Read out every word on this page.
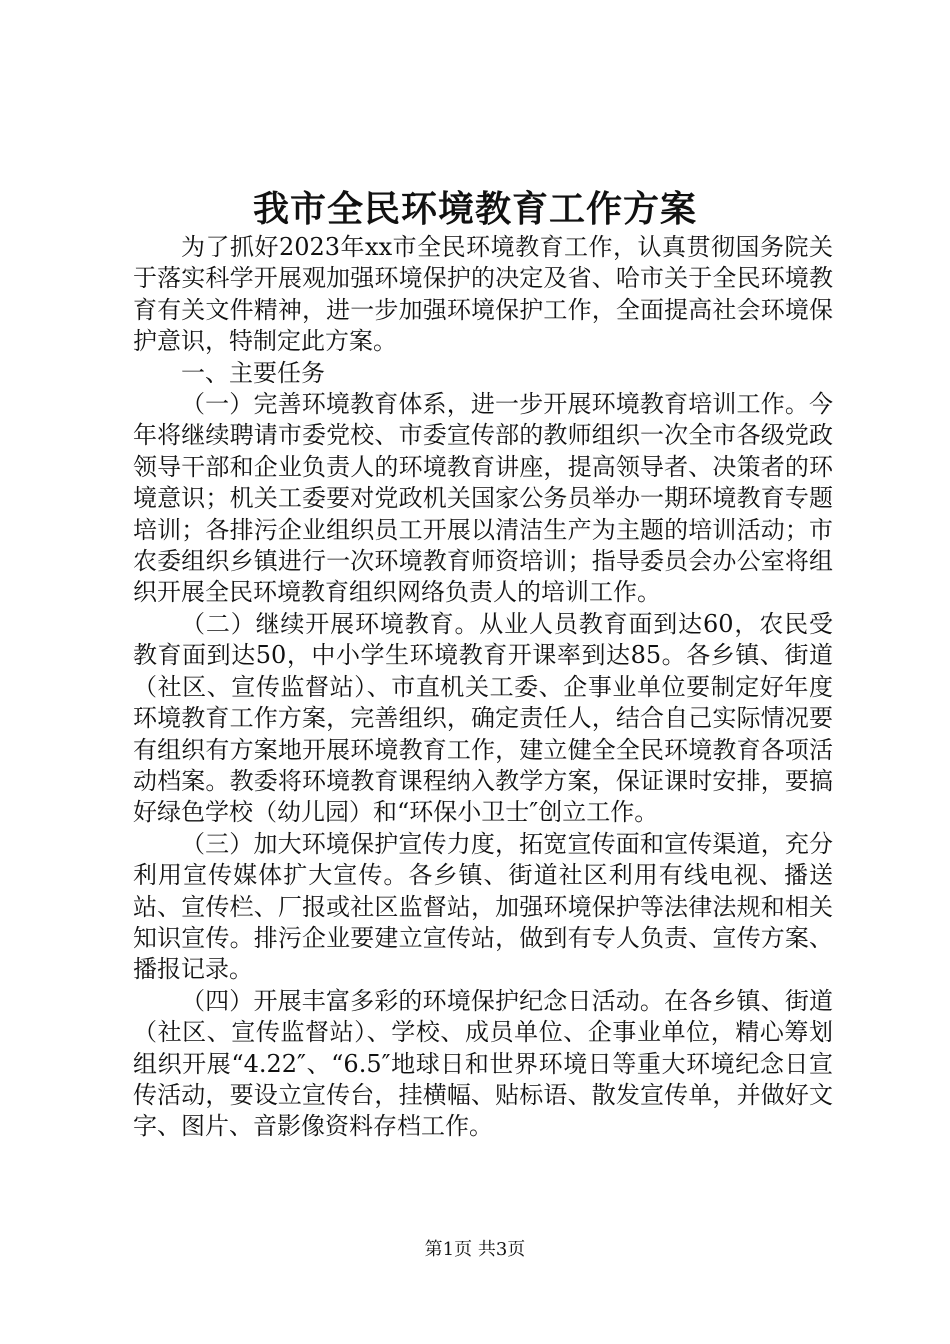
我市全民环境教育工作方案

为了抓好2023年xx市全民环境教育工作，认真贯彻国务院关于落实科学开展观加强环境保护的决定及省、哈市关于全民环境教育有关文件精神，进一步加强环境保护工作，全面提高社会环境保护意识，特制定此方案。

一、主要任务

（一）完善环境教育体系，进一步开展环境教育培训工作。今年将继续聘请市委党校、市委宣传部的教师组织一次全市各级党政领导干部和企业负责人的环境教育讲座，提高领导者、决策者的环境意识；机关工委要对党政机关国家公务员举办一期环境教育专题培训；各排污企业组织员工开展以清洁生产为主题的培训活动；市农委组织乡镇进行一次环境教育师资培训；指导委员会办公室将组织开展全民环境教育组织网络负责人的培训工作。

（二）继续开展环境教育。从业人员教育面到达60，农民受教育面到达50，中小学生环境教育开课率到达85。各乡镇、街道（社区、宣传监督站）、市直机关工委、企事业单位要制定好年度环境教育工作方案，完善组织，确定责任人，结合自己实际情况要有组织有方案地开展环境教育工作，建立健全全民环境教育各项活动档案。教委将环境教育课程纳入教学方案，保证课时安排，要搞好绿色学校（幼儿园）和“环保小卫士″创立工作。

（三）加大环境保护宣传力度，拓宽宣传面和宣传渠道，充分利用宣传媒体扩大宣传。各乡镇、街道社区利用有线电视、播送站、宣传栏、厂报或社区监督站，加强环境保护等法律法规和相关知识宣传。排污企业要建立宣传站，做到有专人负责、宣传方案、播报记录。

（四）开展丰富多彩的环境保护纪念日活动。在各乡镇、街道（社区、宣传监督站）、学校、成员单位、企事业单位，精心筹划组织开展“4.22″、“6.5″地球日和世界环境日等重大环境纪念日宣传活动，要设立宣传台，挂横幅、贴标语、散发宣传单，并做好文字、图片、音影像资料存档工作。

第1页 共3页
